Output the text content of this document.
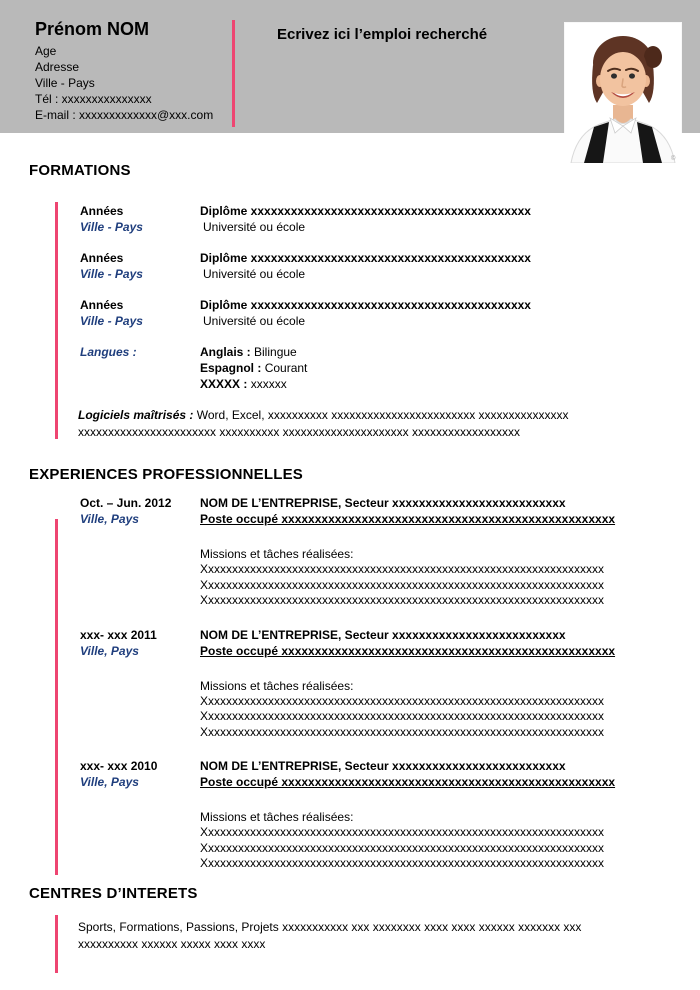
Prénom NOM
Age
Adresse
Ville - Pays
Tél : xxxxxxxxxxxxxxx
E-mail : xxxxxxxxxxxxx@xxx.com
Ecrivez ici l’emploi recherché
©
FORMATIONS
EXPERIENCES PROFESSIONNELLES
CENTRES D’INTERETS
Années
Ville - Pays
Diplôme xxxxxxxxxxxxxxxxxxxxxxxxxxxxxxxxxxxxxxxxxx
Université ou école
Années
Ville - Pays
Diplôme xxxxxxxxxxxxxxxxxxxxxxxxxxxxxxxxxxxxxxxxxx
Université ou école
Années
Ville - Pays
Diplôme xxxxxxxxxxxxxxxxxxxxxxxxxxxxxxxxxxxxxxxxxx
Université ou école
Langues :	Anglais : Bilingue
Espagnol : Courant
XXXXX : xxxxxx

Logiciels maîtrisés : Word, Excel, xxxxxxxxxx xxxxxxxxxxxxxxxxxxxxxxxx xxxxxxxxxxxxxxx xxxxxxxxxxxxxxxxxxxxxxx xxxxxxxxxx xxxxxxxxxxxxxxxxxxxxx xxxxxxxxxxxxxxxxxx

Oct. – Jun. 2012
Ville, Pays
NOM DE L’ENTREPRISE, Secteur xxxxxxxxxxxxxxxxxxxxxxxxxx
Poste occupé xxxxxxxxxxxxxxxxxxxxxxxxxxxxxxxxxxxxxxxxxxxxxxxxxx
Missions et tâches réalisées:
Xxxxxxxxxxxxxxxxxxxxxxxxxxxxxxxxxxxxxxxxxxxxxxxxxxxxxxxxxxxxxxxxxxx
Xxxxxxxxxxxxxxxxxxxxxxxxxxxxxxxxxxxxxxxxxxxxxxxxxxxxxxxxxxxxxxxxxxx
Xxxxxxxxxxxxxxxxxxxxxxxxxxxxxxxxxxxxxxxxxxxxxxxxxxxxxxxxxxxxxxxxxxx
xxx- xxx 2011
Ville, Pays
NOM DE L’ENTREPRISE, Secteur xxxxxxxxxxxxxxxxxxxxxxxxxx
Poste occupé xxxxxxxxxxxxxxxxxxxxxxxxxxxxxxxxxxxxxxxxxxxxxxxxxx
Missions et tâches réalisées:
Xxxxxxxxxxxxxxxxxxxxxxxxxxxxxxxxxxxxxxxxxxxxxxxxxxxxxxxxxxxxxxxxxxx
Xxxxxxxxxxxxxxxxxxxxxxxxxxxxxxxxxxxxxxxxxxxxxxxxxxxxxxxxxxxxxxxxxxx
Xxxxxxxxxxxxxxxxxxxxxxxxxxxxxxxxxxxxxxxxxxxxxxxxxxxxxxxxxxxxxxxxxxx
xxx- xxx 2010
Ville, Pays
NOM DE L’ENTREPRISE, Secteur xxxxxxxxxxxxxxxxxxxxxxxxxx
Poste occupé xxxxxxxxxxxxxxxxxxxxxxxxxxxxxxxxxxxxxxxxxxxxxxxxxx
Missions et tâches réalisées:
Xxxxxxxxxxxxxxxxxxxxxxxxxxxxxxxxxxxxxxxxxxxxxxxxxxxxxxxxxxxxxxxxxxx
Xxxxxxxxxxxxxxxxxxxxxxxxxxxxxxxxxxxxxxxxxxxxxxxxxxxxxxxxxxxxxxxxxxx
Xxxxxxxxxxxxxxxxxxxxxxxxxxxxxxxxxxxxxxxxxxxxxxxxxxxxxxxxxxxxxxxxxxx

Sports, Formations, Passions, Projets xxxxxxxxxxx xxx xxxxxxxx xxxx xxxx xxxxxx xxxxxxx xxx xxxxxxxxxx xxxxxx xxxxx xxxx xxxx
